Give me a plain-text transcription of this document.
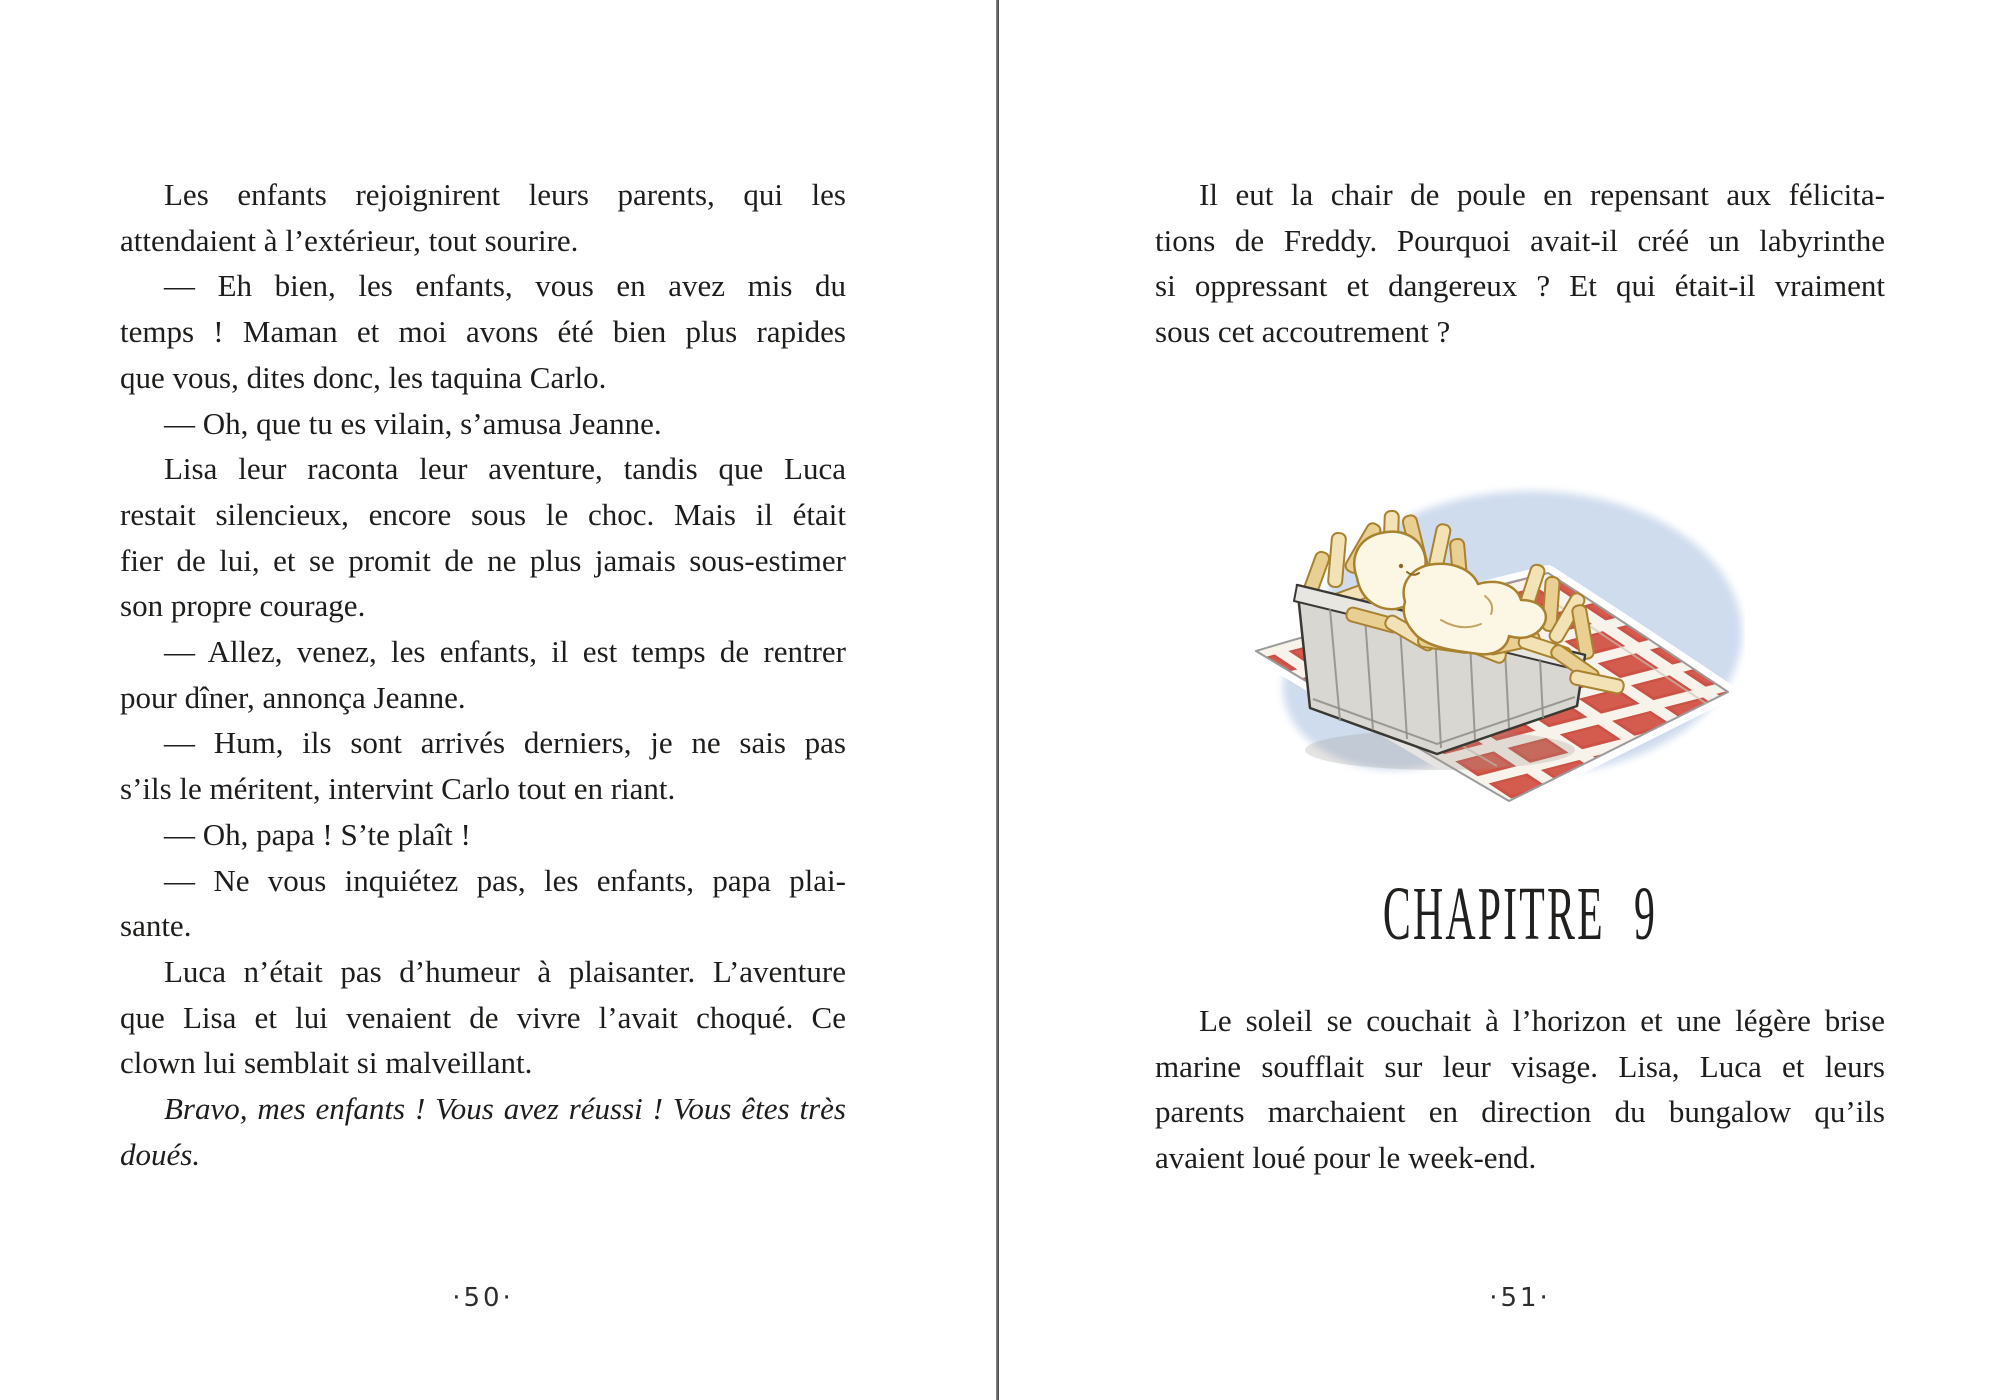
Les enfants rejoignirent leurs parents, qui les
attendaient à l’extérieur, tout sourire.
— Eh bien, les enfants, vous en avez mis du
temps ! Maman et moi avons été bien plus rapides
que vous, dites donc, les taquina Carlo.
— Oh, que tu es vilain, s’amusa Jeanne.
Lisa leur raconta leur aventure, tandis que Luca
restait silencieux, encore sous le choc. Mais il était
fier de lui, et se promit de ne plus jamais sous-estimer
son propre courage.
— Allez, venez, les enfants, il est temps de rentrer
pour dîner, annonça Jeanne.
— Hum, ils sont arrivés derniers, je ne sais pas
s’ils le méritent, intervint Carlo tout en riant.
— Oh, papa ! S’te plaît !
— Ne vous inquiétez pas, les enfants, papa plai-
sante.
Luca n’était pas d’humeur à plaisanter. L’aventure
que Lisa et lui venaient de vivre l’avait choqué. Ce
clown lui semblait si malveillant.
Bravo, mes enfants ! Vous avez réussi ! Vous êtes très
doués.
·50·
Il eut la chair de poule en repensant aux félicita-
tions de Freddy. Pourquoi avait-il créé un labyrinthe
si oppressant et dangereux ? Et qui était-il vraiment
sous cet accoutrement ?
CHAPITRE 9
Le soleil se couchait à l’horizon et une légère brise
marine soufflait sur leur visage. Lisa, Luca et leurs
parents marchaient en direction du bungalow qu’ils
avaient loué pour le week-end.
·51·
